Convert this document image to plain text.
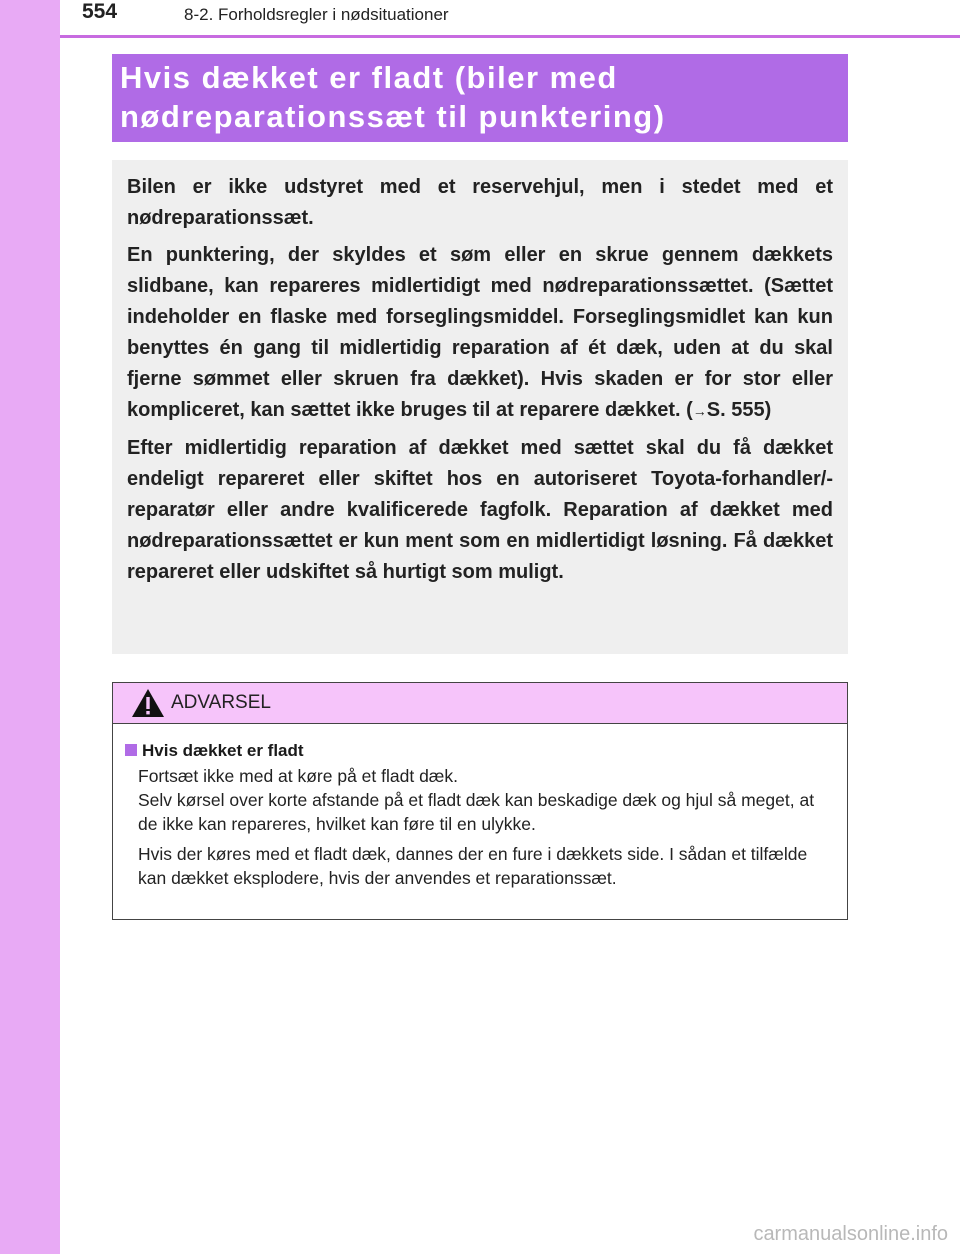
554	8-2. Forholdsregler i nødsituationer
Hvis dækket er fladt (biler med
nødreparationssæt til punktering)

Bilen er ikke udstyret med et reservehjul, men i stedet med et nødreparationssæt.

En punktering, der skyldes et søm eller en skrue gennem dækkets slidbane, kan repareres midlertidigt med nødreparationssættet. (Sættet indeholder en flaske med forseglingsmiddel. Forseglingsmidlet kan kun benyttes én gang til midlertidig reparation af ét dæk, uden at du skal fjerne sømmet eller skruen fra dækket). Hvis skaden er for stor eller kompliceret, kan sættet ikke bruges til at reparere dækket. (→S. 555)

Efter midlertidig reparation af dækket med sættet skal du få dækket endeligt repareret eller skiftet hos en autoriseret Toyota-forhandler/-reparatør eller andre kvalificerede fagfolk. Reparation af dækket med nødreparationssættet er kun ment som en midlertidigt løsning. Få dækket repareret eller udskiftet så hurtigt som muligt.

ADVARSEL
Hvis dækket er fladt
Fortsæt ikke med at køre på et fladt dæk.
Selv kørsel over korte afstande på et fladt dæk kan beskadige dæk og hjul så meget, at de ikke kan repareres, hvilket kan føre til en ulykke.
Hvis der køres med et fladt dæk, dannes der en fure i dækkets side. I sådan et tilfælde kan dækket eksplodere, hvis der anvendes et reparationssæt.
carmanualsonline.info
